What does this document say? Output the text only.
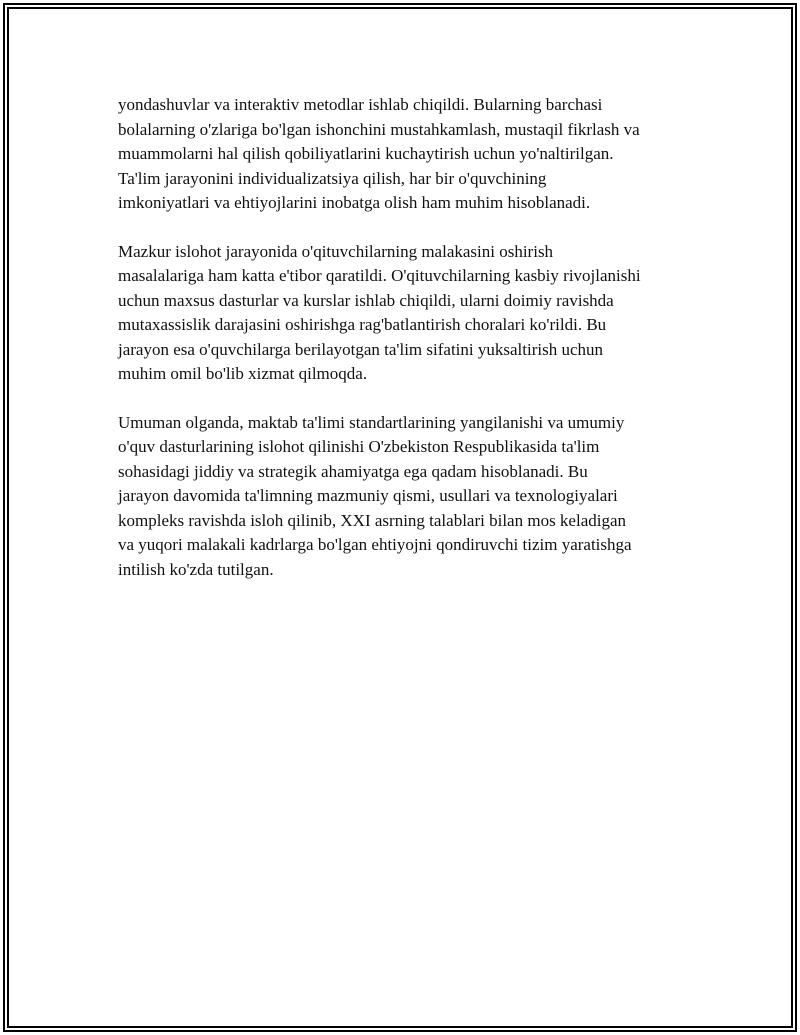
yondashuvlar va interaktiv metodlar ishlab chiqildi. Bularning barchasi
bolalarning o'zlariga bo'lgan ishonchini mustahkamlash, mustaqil fikrlash va
muammolarni hal qilish qobiliyatlarini kuchaytirish uchun yo'naltirilgan.
Ta'lim jarayonini individualizatsiya qilish, har bir o'quvchining
imkoniyatlari va ehtiyojlarini inobatga olish ham muhim hisoblanadi.

Mazkur islohot jarayonida o'qituvchilarning malakasini oshirish
masalalariga ham katta e'tibor qaratildi. O'qituvchilarning kasbiy rivojlanishi
uchun maxsus dasturlar va kurslar ishlab chiqildi, ularni doimiy ravishda
mutaxassislik darajasini oshirishga rag'batlantirish choralari ko'rildi. Bu
jarayon esa o'quvchilarga berilayotgan ta'lim sifatini yuksaltirish uchun
muhim omil bo'lib xizmat qilmoqda.

Umuman olganda, maktab ta'limi standartlarining yangilanishi va umumiy
o'quv dasturlarining islohot qilinishi O'zbekiston Respublikasida ta'lim
sohasidagi jiddiy va strategik ahamiyatga ega qadam hisoblanadi. Bu
jarayon davomida ta'limning mazmuniy qismi, usullari va texnologiyalari
kompleks ravishda isloh qilinib, XXI asrning talablari bilan mos keladigan
va yuqori malakali kadrlarga bo'lgan ehtiyojni qondiruvchi tizim yaratishga
intilish ko'zda tutilgan.
